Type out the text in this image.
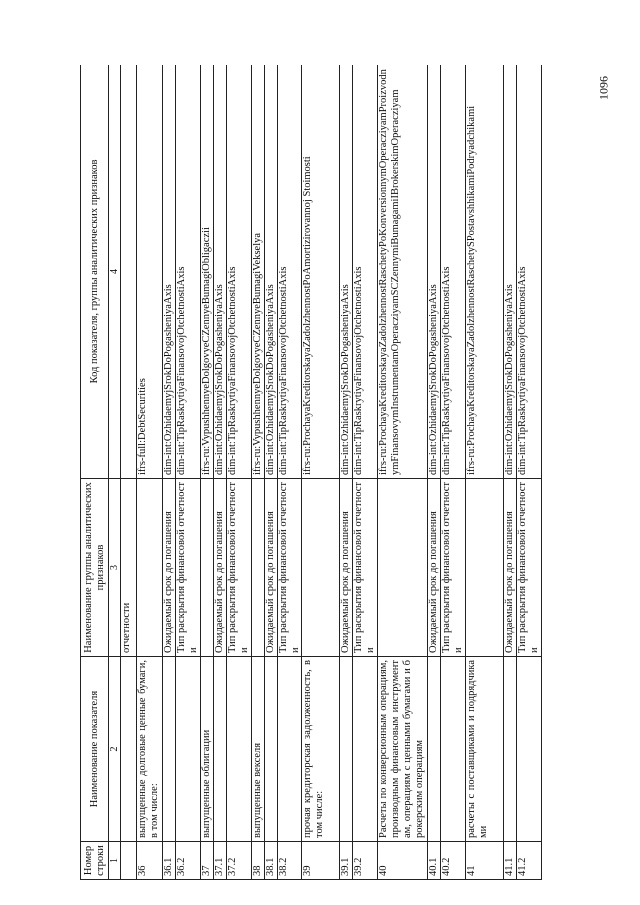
1096
Номер строки	Наименование показателя	Наименование группы аналитических признаков	Код показателя, группы аналитических признаков
1	2	3	4
		отчетности	
36	выпущенные долговые ценные бумаги, в том числе:		ifrs-full:DebtSecurities
36.1		Ожидаемый срок до погашения	dim-int:OzhidaemyjSrokDoPogasheniyaAxis
36.2		Тип раскрытия финансовой отчетности	dim-int:TipRaskrytiyaFinansovojOtchetnostiAxis
37	выпущенные облигации		ifrs-ru:VypushhennyeDolgovyeCZennyeBumagiObligaczii
37.1		Ожидаемый срок до погашения	dim-int:OzhidaemyjSrokDoPogasheniyaAxis
37.2		Тип раскрытия финансовой отчетности	dim-int:TipRaskrytiyaFinansovojOtchetnostiAxis
38	выпущенные векселя		ifrs-ru:VypushhennyeDolgovyeCZennyeBumagiVekselya
38.1		Ожидаемый срок до погашения	dim-int:OzhidaemyjSrokDoPogasheniyaAxis
38.2		Тип раскрытия финансовой отчетности	dim-int:TipRaskrytiyaFinansovojOtchetnostiAxis
39	прочая кредиторская задолженность, в том числе:		ifrs-ru:ProchayaKreditorskayaZadolzhennostPoAmortizirovannoj Stoimosti
39.1		Ожидаемый срок до погашения	dim-int:OzhidaemyjSrokDoPogasheniyaAxis
39.2		Тип раскрытия финансовой отчетности	dim-int:TipRaskrytiyaFinansovojOtchetnostiAxis
40	Расчеты по конверсионным операциям, производным финансовым инструментам, операциям с ценными бумагами и брокерским операциям		ifrs-ru:ProchayaKreditorskayaZadolzhennostRaschetyPoKonversionnymOperacziyamProizvodnymFinansovymInstrumentamOperacziyamSCZennymiBumagamiIBrokerskimOperacziyam
40.1		Ожидаемый срок до погашения	dim-int:OzhidaemyjSrokDoPogasheniyaAxis
40.2		Тип раскрытия финансовой отчетности	dim-int:TipRaskrytiyaFinansovojOtchetnostiAxis
41	расчеты с поставщиками и подрядчиками		ifrs-ru:ProchayaKreditorskayaZadolzhennostRaschetySPostavshhikamiPodryadchikami
41.1		Ожидаемый срок до погашения	dim-int:OzhidaemyjSrokDoPogasheniyaAxis
41.2		Тип раскрытия финансовой отчетности	dim-int:TipRaskrytiyaFinansovojOtchetnostiAxis
